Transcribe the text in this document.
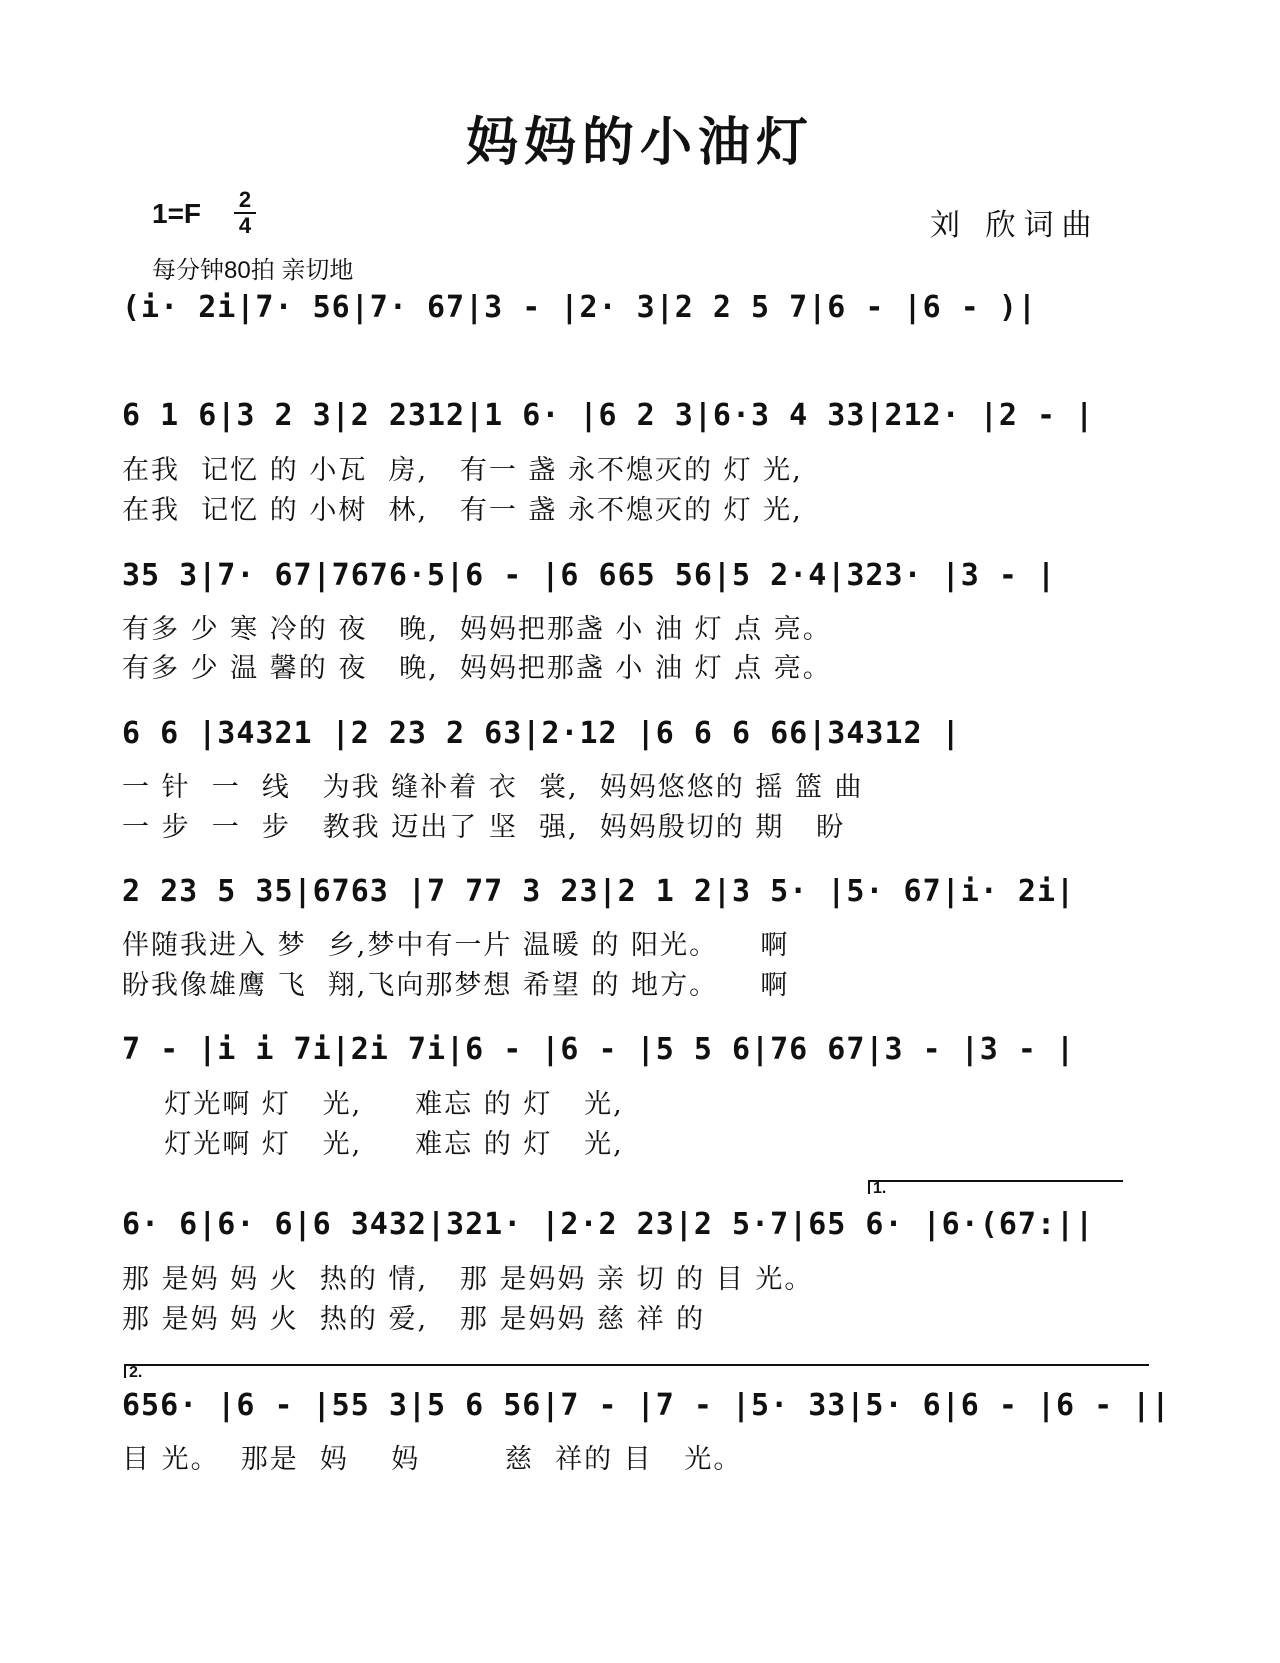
妈妈的小油灯
$1=F \frac{2}{4}$	刘 欣词曲
每分钟80拍 亲切地
(i· 2i|7· 56|7· 67|3 - |2· 3|2 2 5 7|6 - |6 - )|
6 1 6|3 2 3|2 2312|1 6· |6 2 3|6·3 4 33|212· |2 - |
在我  记忆 的 小瓦  房,   有一 盏 永不熄灭的 灯 光,
在我  记忆 的 小树  林,   有一 盏 永不熄灭的 灯 光,
35 3|7· 67|7676·5|6 - |6 665 56|5 2·4|323· |3 - |
有多 少 寒 冷的 夜   晚,  妈妈把那盏 小 油 灯 点 亮。
有多 少 温 馨的 夜   晚,  妈妈把那盏 小 油 灯 点 亮。
6 6 |34321 |2 23 2 63|2·12 |6 6 6 66|34312 |
一 针  一  线   为我 缝补着 衣  裳,  妈妈悠悠的 摇 篮 曲
一 步  一  步   教我 迈出了 坚  强,  妈妈殷切的 期   盼
2 23 5 35|6763 |7 77 3 23|2 1 2|3 5· |5· 67|i· 2i|
伴随我进入 梦  乡,梦中有一片 温暖 的 阳光。    啊
盼我像雄鹰 飞  翔,飞向那梦想 希望 的 地方。    啊
7 - |i i 7i|2i 7i|6 - |6 - |5 5 6|76 67|3 - |3 - |
灯光啊 灯   光,     难忘 的 灯   光,
灯光啊 灯   光,     难忘 的 灯   光,
1.
6· 6|6· 6|6 3432|321· |2·2 23|2 5·7|65 6· |6·(67:||
那 是妈 妈 火  热的 情,   那 是妈妈 亲 切 的 目 光。
那 是妈 妈 火  热的 爱,   那 是妈妈 慈 祥 的
2.
656· |6 - |55 3|5 6 56|7 - |7 - |5· 33|5· 6|6 - |6 - ||
目 光。  那是  妈    妈        慈  祥的 目   光。
